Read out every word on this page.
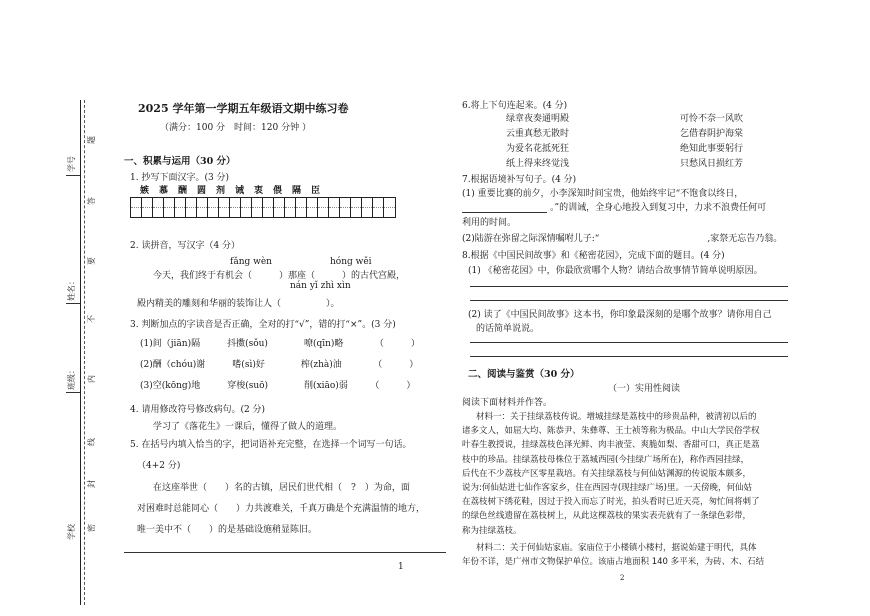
学号
姓名：
班级：
学校
题
答
要
不
内
线
封
密
2025 学年第一学期五年级语文期中练习卷
（满分：100 分　时间：120 分钟 ）
一、积累与运用（30 分）
1. 抄写下面汉字。(3 分)
嫉　慕　酬　圆　剂　诫　衷　偎　隔　臣
2. 读拼音，写汉字（4 分）
fǎng wèn	hóng wěi
今天，我们终于有机会（　　　）那座（　　　）的古代宫殿，
nán yǐ zhì xìn
殿内精美的雕刻和华丽的装饰让人（　　　　　）。
3. 判断加点的字读音是否正确，全对的打“√”，错的打“×”。(3 分)
(1)间（jiān)隔　　　抖擞(sǒu)　　　　嘹(qīn)略　　　　（　　　）
(2)酬（chóu)谢　　　嗜(sì)好　　　　榨(zhà)油　　　　（　　　）
(3)空(kōng)地　　　穿梭(suō)　　　　削(xiāo)弱　　　（　　　）
4. 请用修改符号修改病句。(2 分)
学习了《落花生》一课后，懂得了做人的道理。
5. 在括号内填入恰当的字，把词语补充完整，在选择一个词写一句话。
（4+2 分)
在这座举世（　　）名的古镇，居民们世代相（　?　）为命，面
对困难时总能同心（　　）力共渡难关，千真万确是个充满温情的地方，
唯一美中不（　　）的是基础设施稍显陈旧。
1
6.将上下句连起来。(4 分)
绿章夜奏通明殿
云重真愁无散时
为爱名花抵死狂
纸上得来终觉浅
可怜不奈一风吹
乞借春阴护海棠
绝知此事要躬行
只愁风日损红芳
7.根据语境补写句子。(4 分)
(1) 重要比赛的前夕，小李深知时间宝贵，他始终牢记“不饱食以终日，
。”的训诫，全身心地投入到复习中，力求不浪费任何可
利用的时间。
(2)陆游在弥留之际深情嘱咐儿子:“　　　　　　　　　　　　,家祭无忘告乃翁。
8.根据《中国民间故事》和《秘密花园》，完成下面的题目。(4 分)
(1) 《秘密花园》中，你最欣赏哪个人物？请结合故事情节简单说明原因。
(2) 读了《中国民间故事》这本书，你印象最深刻的是哪个故事？请你用自己
的话简单说说。
二、阅读与鉴赏（30 分）
（一）实用性阅读
阅读下面材料并作答。
材料一：关于挂绿荔枝传说。增城挂绿是荔枝中的珍贵品种，被清初以后的
诸多文人，如屈大均、陈恭尹、朱彝尊、王士祯等称为极品。中山大学民俗学权
叶春生教授说，挂绿荔枝色泽光鲜、肉丰液莹、爽脆如梨、香甜可口，真正是荔
枝中的珍品。挂绿荔枝母株位于荔城西园(今挂绿广场所在)，称作西园挂绿，
后代在不少荔枝产区零星栽培。有关挂绿荔枝与何仙姑渊源的传说版本颇多，
说为:何仙姑进七仙作客家乡，住在西园寺(现挂绿广场)里。一天傍晚，何仙姑
在荔枝树下绣花鞋，因过于投入而忘了时光，拍头看时已近天亮，匆忙间将刺了
的绿色丝线遗留在荔枝树上，从此这棵荔枝的果实表壳就有了一条绿色彩带，
称为挂绿荔枝。
材料二：关于何仙姑家庙。家庙位于小楼镇小楼村，据说始建于明代，具体
年份不详，是广州市文物保护单位。该庙占地面积 140 多平米，为砖、木、石结
2
